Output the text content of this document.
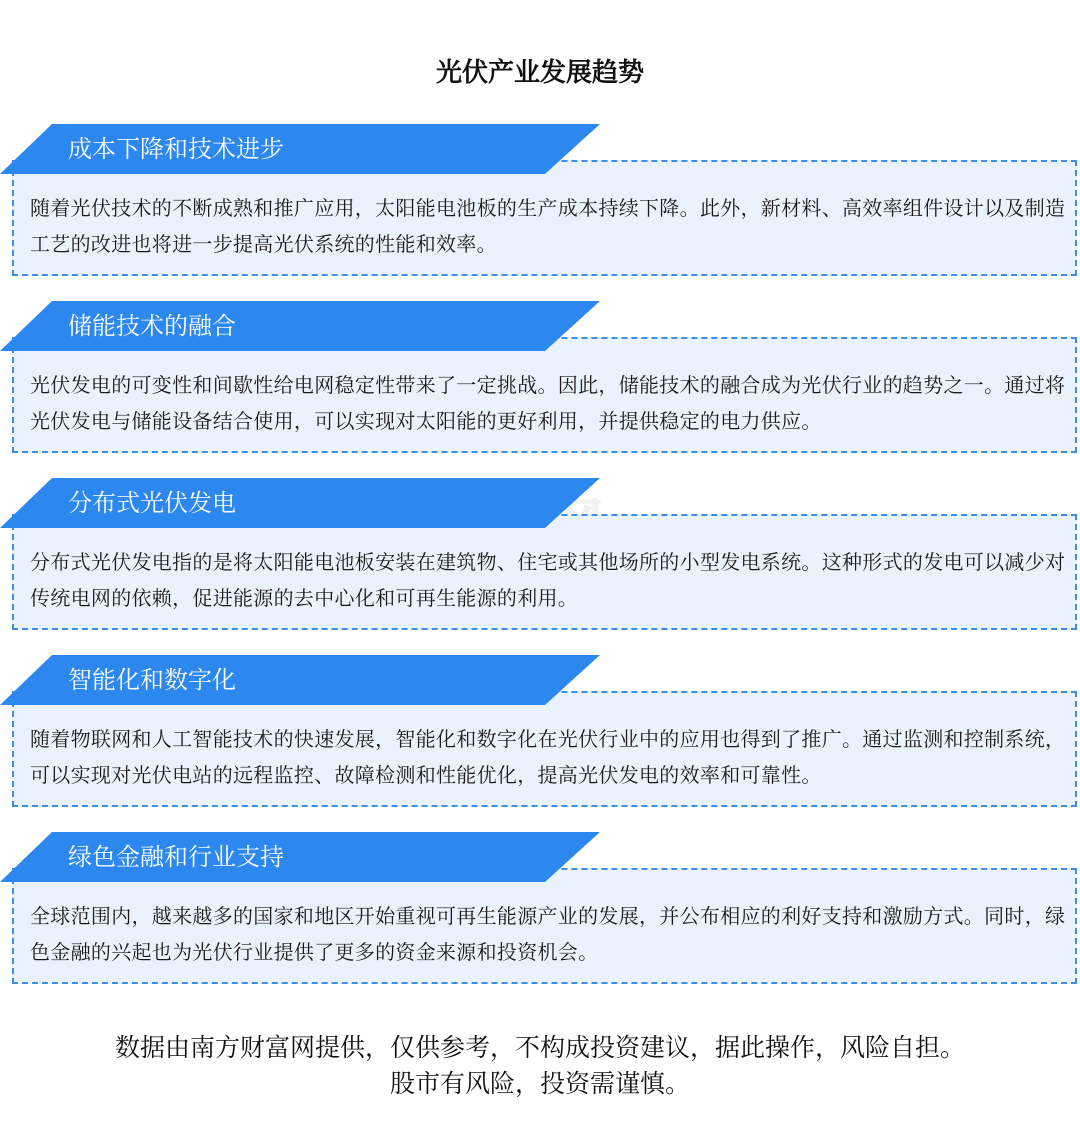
光伏产业发展趋势
随着光伏技术的不断成熟和推广应用，太阳能电池板的生产成本持续下降。此外，新材料、高效率组件设计以及制造工艺的改进也将进一步提高光伏系统的性能和效率。
成本下降和技术进步
光伏发电的可变性和间歇性给电网稳定性带来了一定挑战。因此，储能技术的融合成为光伏行业的趋势之一。通过将光伏发电与储能设备结合使用，可以实现对太阳能的更好利用，并提供稳定的电力供应。
储能技术的融合
分布式光伏发电指的是将太阳能电池板安装在建筑物、住宅或其他场所的小型发电系统。这种形式的发电可以减少对传统电网的依赖，促进能源的去中心化和可再生能源的利用。
分布式光伏发电
随着物联网和人工智能技术的快速发展，智能化和数字化在光伏行业中的应用也得到了推广。通过监测和控制系统，可以实现对光伏电站的远程监控、故障检测和性能优化，提高光伏发电的效率和可靠性。
智能化和数字化
全球范围内，越来越多的国家和地区开始重视可再生能源产业的发展，并公布相应的利好支持和激励方式。同时，绿色金融的兴起也为光伏行业提供了更多的资金来源和投资机会。
绿色金融和行业支持
数据由南方财富网提供，仅供参考，不构成投资建议，据此操作，风险自担。
股市有风险，投资需谨慎。
